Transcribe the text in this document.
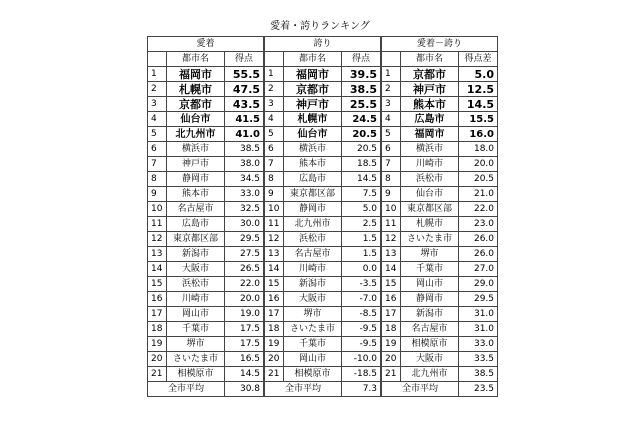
愛着・誇りランキング
愛着		
	都市名	得点
1	福岡市	55.5
2	札幌市	47.5
3	京都市	43.5
4	仙台市	41.5
5	北九州市	41.0
6	横浜市	38.5
7	神戸市	38.0
8	静岡市	34.5
9	熊本市	33.0
10	名古屋市	32.5
11	広島市	30.0
12	東京都区部	29.5
13	新潟市	27.5
14	大阪市	26.5
15	浜松市	22.0
16	川崎市	20.0
17	岡山市	19.0
18	千葉市	17.5
19	堺市	17.5
20	さいたま市	16.5
21	相模原市	14.5
全市平均		30.8
誇り		
	都市名	得点
1	福岡市	39.5
2	京都市	38.5
3	神戸市	25.5
4	札幌市	24.5
5	仙台市	20.5
6	横浜市	20.5
7	熊本市	18.5
8	広島市	14.5
9	東京都区部	7.5
10	静岡市	5.0
11	北九州市	2.5
12	浜松市	1.5
13	名古屋市	1.5
14	川崎市	0.0
15	新潟市	-3.5
16	大阪市	-7.0
17	堺市	-8.5
18	さいたま市	-9.5
19	千葉市	-9.5
20	岡山市	-10.0
21	相模原市	-18.5
全市平均		7.3
愛着－誇り		
	都市名	得点差
1	京都市	5.0
2	神戸市	12.5
3	熊本市	14.5
4	広島市	15.5
5	福岡市	16.0
6	横浜市	18.0
7	川崎市	20.0
8	浜松市	20.5
9	仙台市	21.0
10	東京都区部	22.0
11	札幌市	23.0
12	さいたま市	26.0
13	堺市	26.0
14	千葉市	27.0
15	岡山市	29.0
16	静岡市	29.5
17	新潟市	31.0
18	名古屋市	31.0
19	相模原市	33.0
20	大阪市	33.5
21	北九州市	38.5
全市平均		23.5
